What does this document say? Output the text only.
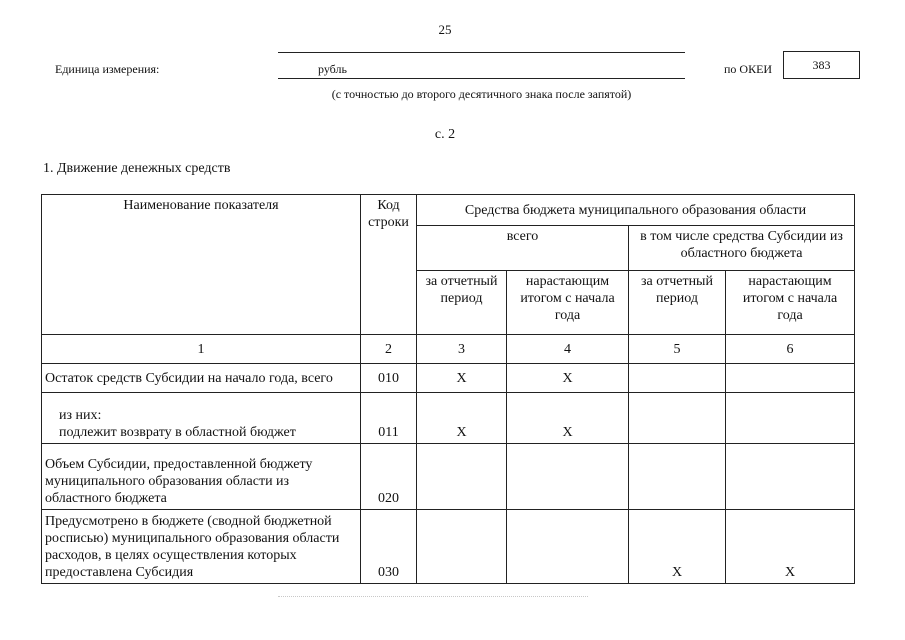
25
Единица измерения:	рубль	по ОКЕИ	383
(с точностью до второго десятичного знака после запятой)
с. 2
1. Движение денежных средств
Наименование показателя	Код строки	Средства бюджета муниципального образования области			
		всего		в том числе средства Субсидии из областного бюджета	
		за отчетный период	нарастающим итогом с начала года	за отчетный период	нарастающим итогом с начала года
1	2	3	4	5	6
Остаток средств Субсидии на начало года, всего	010	X	X		
из них:
подлежит возврату в областной бюджет	011	X	X		
Объем Субсидии, предоставленной бюджету муниципального образования области из областного бюджета	020				
Предусмотрено в бюджете (сводной бюджетной росписью) муниципального образования области расходов, в целях осуществления которых предоставлена Субсидия	030			X	X
